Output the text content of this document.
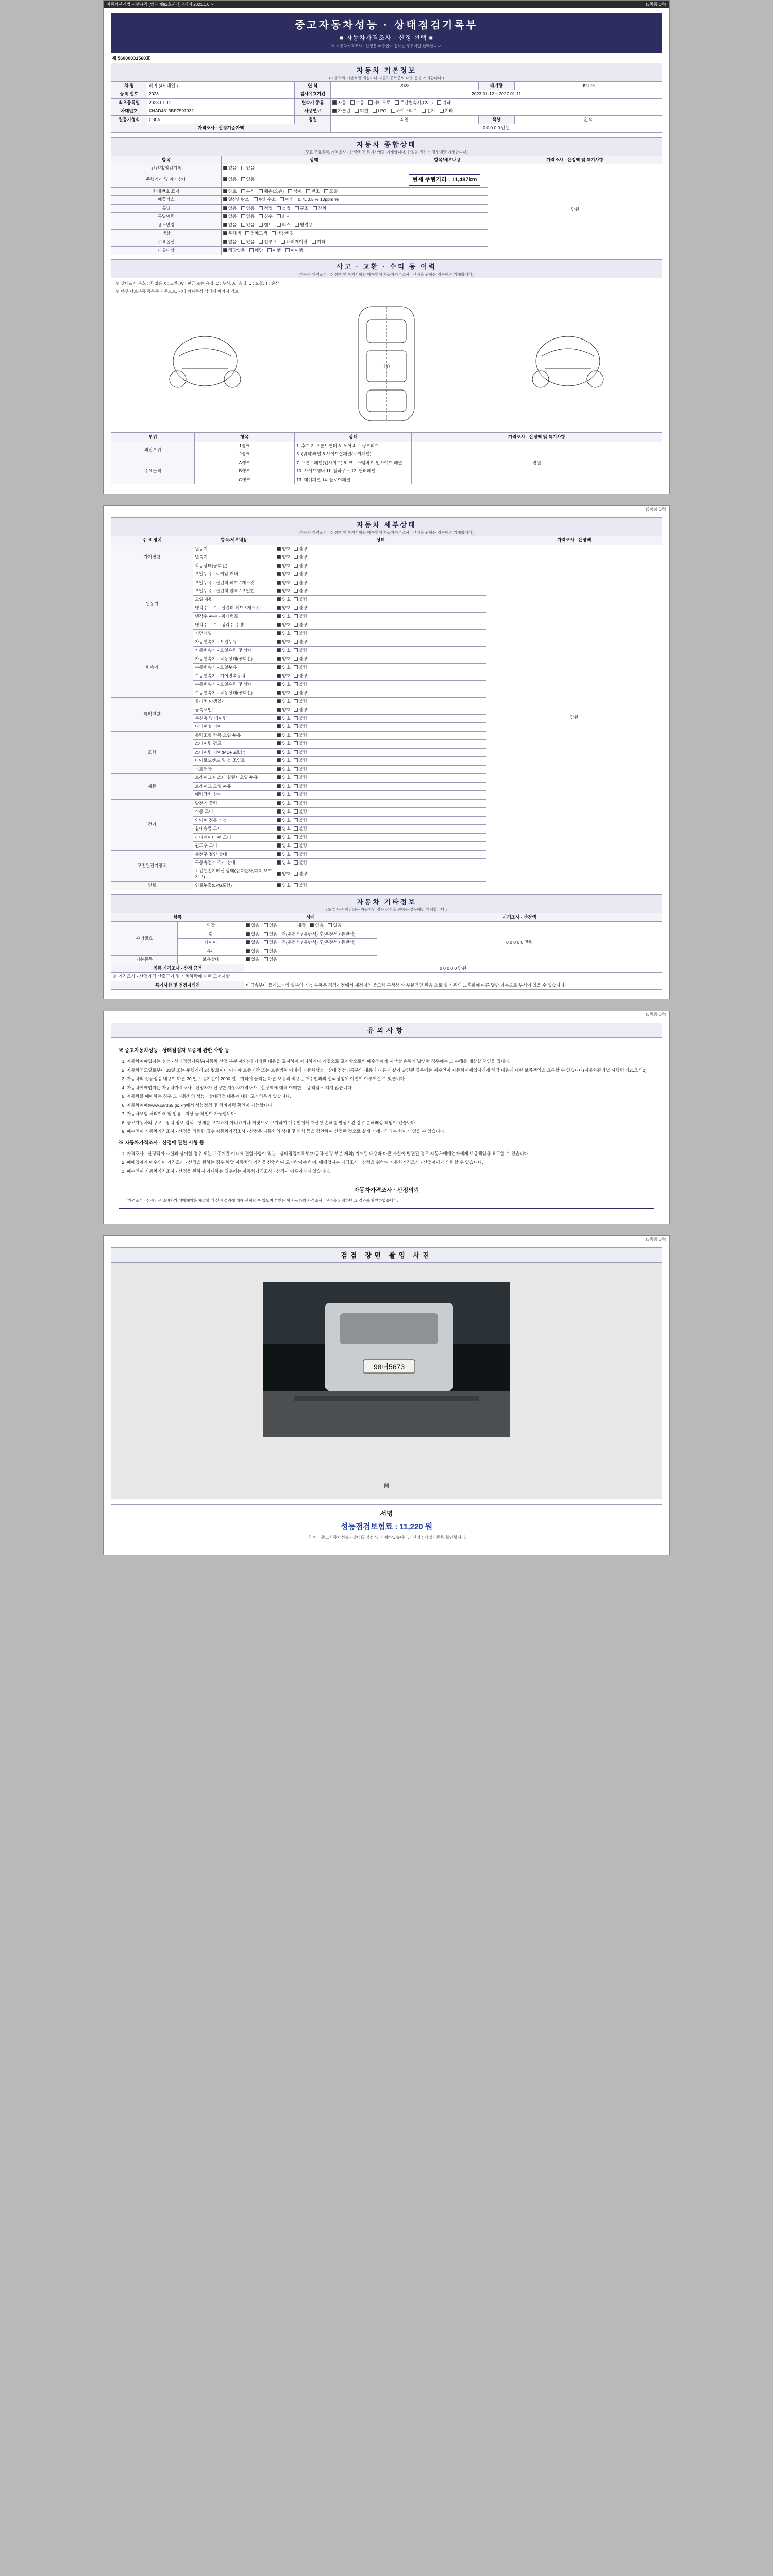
자동차관리법 시행규칙 [별지 제82호서식] <개정 2021.1.6.>	(3쪽중 1쪽)
중고자동차성능 · 상태점검기록부
■ 자동차가격조사 · 산정 선택 ■
※ 자동차가격조사 · 산정은 매수인이 원하는 경우에만 선택합니다.
제 56000031560호
자동차 기본정보
(자동차의 기본적인 제원이나 자동차등록증의 내용 등을 기재합니다.)
차 명	레이 (4세대일 )	연 식	2023	배기량	999 cc
등록 번호	2023	검사유효기간	2023-01-12 ~ 2027-01-11		
최초등록일	2023-01-12	변속기 종류	자동 수동 세미오토 무단변속기(CVT) 기타		
차대번호	KNAD4813BP7597032	사용연료	가솔린 디젤 LPG 하이브리드 전기 기타		
원동기형식	G3LA	정원	4 인	색상	흰색
가격조사 · 산정기준가액			0 0 0 0 0 만원		
자동차 종합상태
(주요 주요골격, 가격조사 · 산정액 등 특기사항을 기재합니다. 산정을 원하는 경우에만 기재합니다.)
항목	상태	항목/세부내용	가격조사 · 산정액 및 특기사항
건전지/점검기록	없음 있음		만원
주행거리 및 계기상태	없음 있음	현재 주행거리 : 11,487km	
차대번호 표기	양호 부식 훼손(오손) 상이 변조 도말		
배출가스	일산화탄소 탄화수소 매연 0.7L 0.5 % 10ppm %		
튜닝	없음 있음 적법 불법 구조 장치		
특별이력	없음 있음 침수 화재		
용도변경	없음 있음 렌트 리스 영업용		
색상	무채색 전체도색 색상변경		
주요옵션	없음 있음 선루프 내비게이션 기타		
리콜대상	해당없음 해당 이행 미이행		
사고 · 교환 · 수리 등 이력
(자동차 가격조사 · 산정액 및 특기사항은 매수인이 자동차가격조사 · 산정을 원하는 경우에만 기재합니다.)
※ 상태표시 부호 : ① 없음 X : 교환, W : 판금 또는 용접, C : 부식, A : 흠집, U : 요철, T : 손상
※ 하부 담보부품 등록은 기준으로, 기타 차량특성 상태에 따라서 검토
10
부위	항목	상태	가격조사 · 산정액 및 특기사항
외판부위	1랭크	1. 후드 2. 프론트펜더 3. 도어 4. 트렁크리드	만원
	2랭크	5. (쿼터)패널 6.사이드실패널(로커패널)	
주요골격	A랭크	7. 프론트패널(인사이드) 8. 크로스멤버 9. 인사이드 패널	
	B랭크	10. 사이드멤버 11. 휠하우스 12. 필러패널	
	C랭크	13. 대쉬패널 14. 플로어패널	
(3쪽중 1쪽)
자동차 세부상태
(자동차 가격조사 · 산정액 및 특기사항은 매수인이 자동차가격조사 · 산정을 원하는 경우에만 기재합니다.)
주 요 장치	항목/세부내용	상태	가격조사 · 산정액
자기진단	원동기	양호 불량	만원
	변속기	양호 불량	
	작동상태(공회전)	양호 불량	
원동기	오일누유 - 로커암 커버	양호 불량	
	오일누유 - 실린더 헤드 / 개스킷	양호 불량	
	오일누유 - 실린더 블록 / 오일팬	양호 불량	
	오일 유량	양호 불량	
	냉각수 누수 - 실린더 헤드 / 개스킷	양호 불량	
	냉각수 누수 - 워터펌프	양호 불량	
	냉각수 누수 - 냉각수 수량	양호 불량	
	커먼레일	양호 불량	
변속기	자동변속기 - 오일누유	양호 불량	
	자동변속기 - 오일유량 및 상태	양호 불량	
	자동변속기 - 작동상태(공회전)	양호 불량	
	수동변속기 - 오일누유	양호 불량	
	수동변속기 - 기어변속장치	양호 불량	
	수동변속기 - 오일유량 및 상태	양호 불량	
	수동변속기 - 작동상태(공회전)	양호 불량	
동력전달	클러치 어셈블리	양호 불량	
	등속조인트	양호 불량	
	추진축 및 베어링	양호 불량	
	디퍼렌셜 기어	양호 불량	
조향	동력조향 작동 오일 누유	양호 불량	
	스티어링 펌프	양호 불량	
	스티어링 기어(MDPS포함)	양호 불량	
	타이로드엔드 및 볼 조인트	양호 불량	
	피트먼암	양호 불량	
제동	브레이크 마스터 실린더오일 누유	양호 불량	
	브레이크 오일 누유	양호 불량	
	배력장치 상태	양호 불량	
전기	발전기 출력	양호 불량	
	시동 모터	양호 불량	
	와이퍼 전동 기능	양호 불량	
	실내송풍 모터	양호 불량	
	라디에이터 팬 모터	양호 불량	
	윈도우 모터	양호 불량	
고전원전기장치	충전구 절연 상태	양호 불량	
	구동축전지 격리 상태	양호 불량	
	고전원전기배선 상태(접속단자,피복,보호기구)	양호 불량	
연료	연료누출(LPG포함)	양호 불량	
자동차 기타정보
(※ 항목은 해당되는 자동차인 경우 산정을 원하는 경우에만 기재합니다.)
항목		상태	가격조사 · 산정액
수리필요	외장	없음 있음 내장 없음 있음	0 0 0 0 0 만원
	휠	없음 있음 전(운전석 / 동반석) 후(운전석 / 동반석)	
	타이어	없음 있음 전(운전석 / 동반석) 후(운전석 / 동반석)	
	유리	없음 있음	
기본품목	보유상태	없음 있음	
최종 가격조사 · 산정 금액		0 0 0 0 0 만원	
※ 가격조사 · 산정가격 산출근거 및 가치하락에 대한 고지사항			
특기사항 및 점검자의견		비금속부터 틀리느피의 일부의 기능 부품은 경검시점에서 세정피의 중고차 특성상 상 부분적인 원음 으로 일 자원의 노후화에 따른 멸단 기본으로 부식이 있을 수 있습니다.	
(3쪽중 1쪽)
유의사항
※ 중고자동차성능 · 상태점검자 보증에 관한 사항 등
1. 자동차매매업자는 성능 · 상태점검기록부(자동차 산정 부분 제외)에 기재된 내용을 고지하지 아니하거나 거짓으로 고지함으로써 매수인에게 재산상 손해가 발생한 경우에는 그 손해를 배상할 책임을 집니다.
2. 자동차인도일로부터 30일 또는 주행거리 2천킬로미터 이내에 보증기간 또는 보증범위 이내에 자동차성능 · 상태 점검기록부의 내용과 다른 사실이 발견된 경우에는 매수인이 자동차매매업자에게 해당 내용에 대한 보증책임을 요구할 수 있습니다(자동차관리법 시행령 제21조의2).
3. 자동차의 성능점검 내용이 다른 30 일 보증기간이 2000 킬로미터에 물리는 다른 보증의 적용은 매수인과의 신뢰성행위 이전이 이루어질 수 있습니다.
4. 자동차매매업자는 자동차가격조사 · 산정자가 산정한 자동차가격조사 · 산정액에 대해 어떠한 보증책임도 지지 않습니다.
5. 자동차를 매매하는 경우 그 자동차의 성능 · 상태점검 내용에 대한 고지의무가 있습니다.
6. 자동차매매(www.car365.go.kr)에서 성능점검 및 정비이력 확인이 가능합니다.
7. 자동차보험 처리이력 및 압류 · 저당 등 확인이 가능합니다.
8. 중고자동차의 구조 · 장치 정보 검색 · 상세를 고지하지 아니하거나 거짓으로 고지하여 매수인에게 재산상 손해를 발생시킨 경우 손해배상 책임이 있습니다.
9. 매수인이 자동차가격조사 · 산정을 의뢰한 경우 자동차가격조사 · 산정은 자동차의 상태 및 연식 등을 감안하여 산정한 것으로 실제 거래가격과는 차이가 있을 수 있습니다.
※ 자동차가격조사 · 산정에 관한 사항 등
1. 가격조사 · 산정액이 사실과 상이할 경우 또는 보증기간 이내에 결함사항이 있는 · 상태점검기록부(자동차 산정 부분 제외) 기재된 내용과 다른 사실이 발견된 경우 자동차매매업자에게 보증책임을 요구할 수 있습니다.
2. 매매업자가 매수인이 가격조사 · 산정을 원하는 경우 해당 자동차의 가격을 산정하여 고지하여야 하며, 매매업자는 가격조사 · 산정을 위하여 자동차가격조사 · 산정자에게 의뢰할 수 있습니다.
3. 매수인이 자동차가격조사 · 산정을 원하지 아니하는 경우에는 자동차가격조사 · 산정이 이루어지지 않습니다.
자동차가격조사 · 산정의뢰
「가격조사 · 산정」은 소비자가 매매계약을 체결할 때 산정 결과에 대해 선택할 수 있으며 본인은 이 자동차의 가격조사 · 산정을 의뢰하며 그 결과를 확인하였습니다.
(3쪽중 1쪽)
검검 장면 촬영 사진
98허5673
圖
서명
성능점검보험료 : 11,220 원
「 ㅇ 」중고자동차성능 · 상태를 점검 및 기재하였습니다. · 산정 ) 사업자등록 확인합니다.
